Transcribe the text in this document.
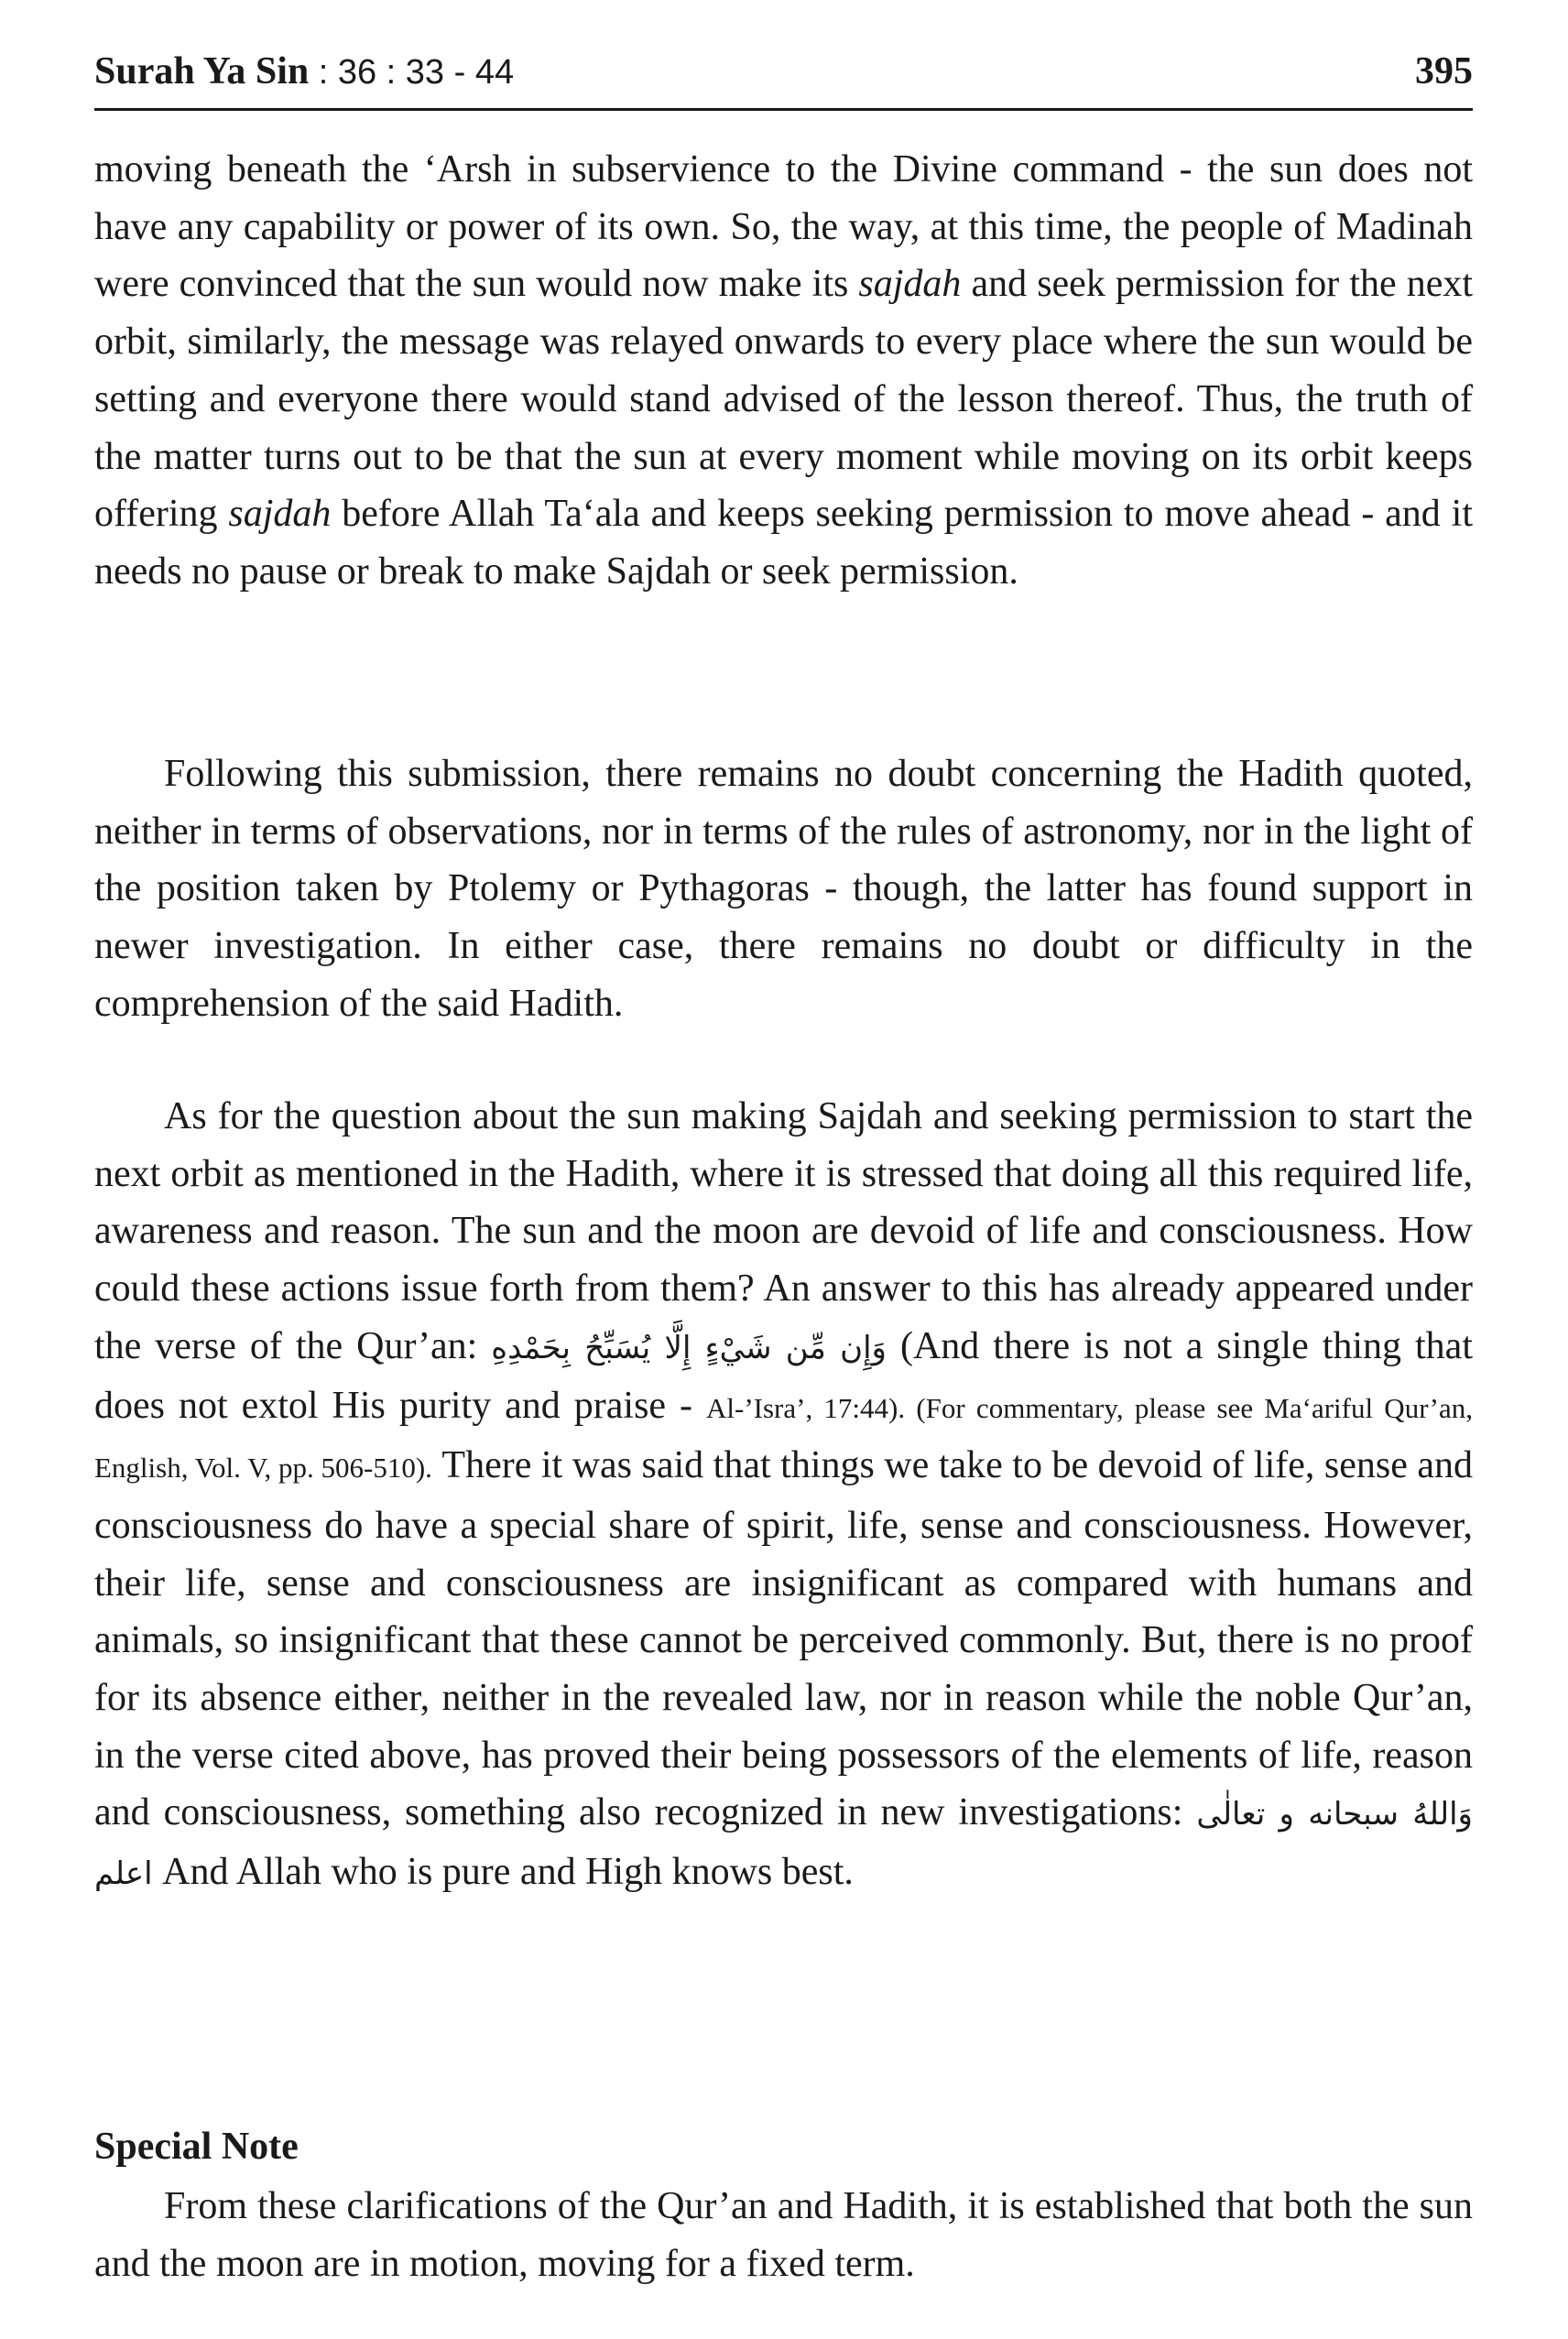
Surah Ya Sin : 36 : 33 - 44	395
moving beneath the ‘Arsh in subservience to the Divine command - the sun does not have any capability or power of its own. So, the way, at this time, the people of Madinah were convinced that the sun would now make its sajdah and seek permission for the next orbit, similarly, the message was relayed onwards to every place where the sun would be setting and everyone there would stand advised of the lesson thereof. Thus, the truth of the matter turns out to be that the sun at every moment while moving on its orbit keeps offering sajdah before Allah Ta‘ala and keeps seeking permission to move ahead - and it needs no pause or break to make Sajdah or seek permission.
Following this submission, there remains no doubt concerning the Hadith quoted, neither in terms of observations, nor in terms of the rules of astronomy, nor in the light of the position taken by Ptolemy or Pythagoras - though, the latter has found support in newer investigation. In either case, there remains no doubt or difficulty in the comprehension of the said Hadith.
As for the question about the sun making Sajdah and seeking permission to start the next orbit as mentioned in the Hadith, where it is stressed that doing all this required life, awareness and reason. The sun and the moon are devoid of life and consciousness. How could these actions issue forth from them? An answer to this has already appeared under the verse of the Qur’an: وَإِن مِّن شَيْءٍ إِلَّا يُسَبِّحُ بِحَمْدِهِ (And there is not a single thing that does not extol His purity and praise - Al-’Isra’, 17:44). (For commentary, please see Ma‘ariful Qur’an, English, Vol. V, pp. 506-510). There it was said that things we take to be devoid of life, sense and consciousness do have a special share of spirit, life, sense and consciousness. However, their life, sense and consciousness are insignificant as compared with humans and animals, so insignificant that these cannot be perceived commonly. But, there is no proof for its absence either, neither in the revealed law, nor in reason while the noble Qur’an, in the verse cited above, has proved their being possessors of the elements of life, reason and consciousness, something also recognized in new investigations: وَاللهُ سبحانه و تعالٰی اعلم And Allah who is pure and High knows best.
Special Note
From these clarifications of the Qur’an and Hadith, it is established that both the sun and the moon are in motion, moving for a fixed term.
